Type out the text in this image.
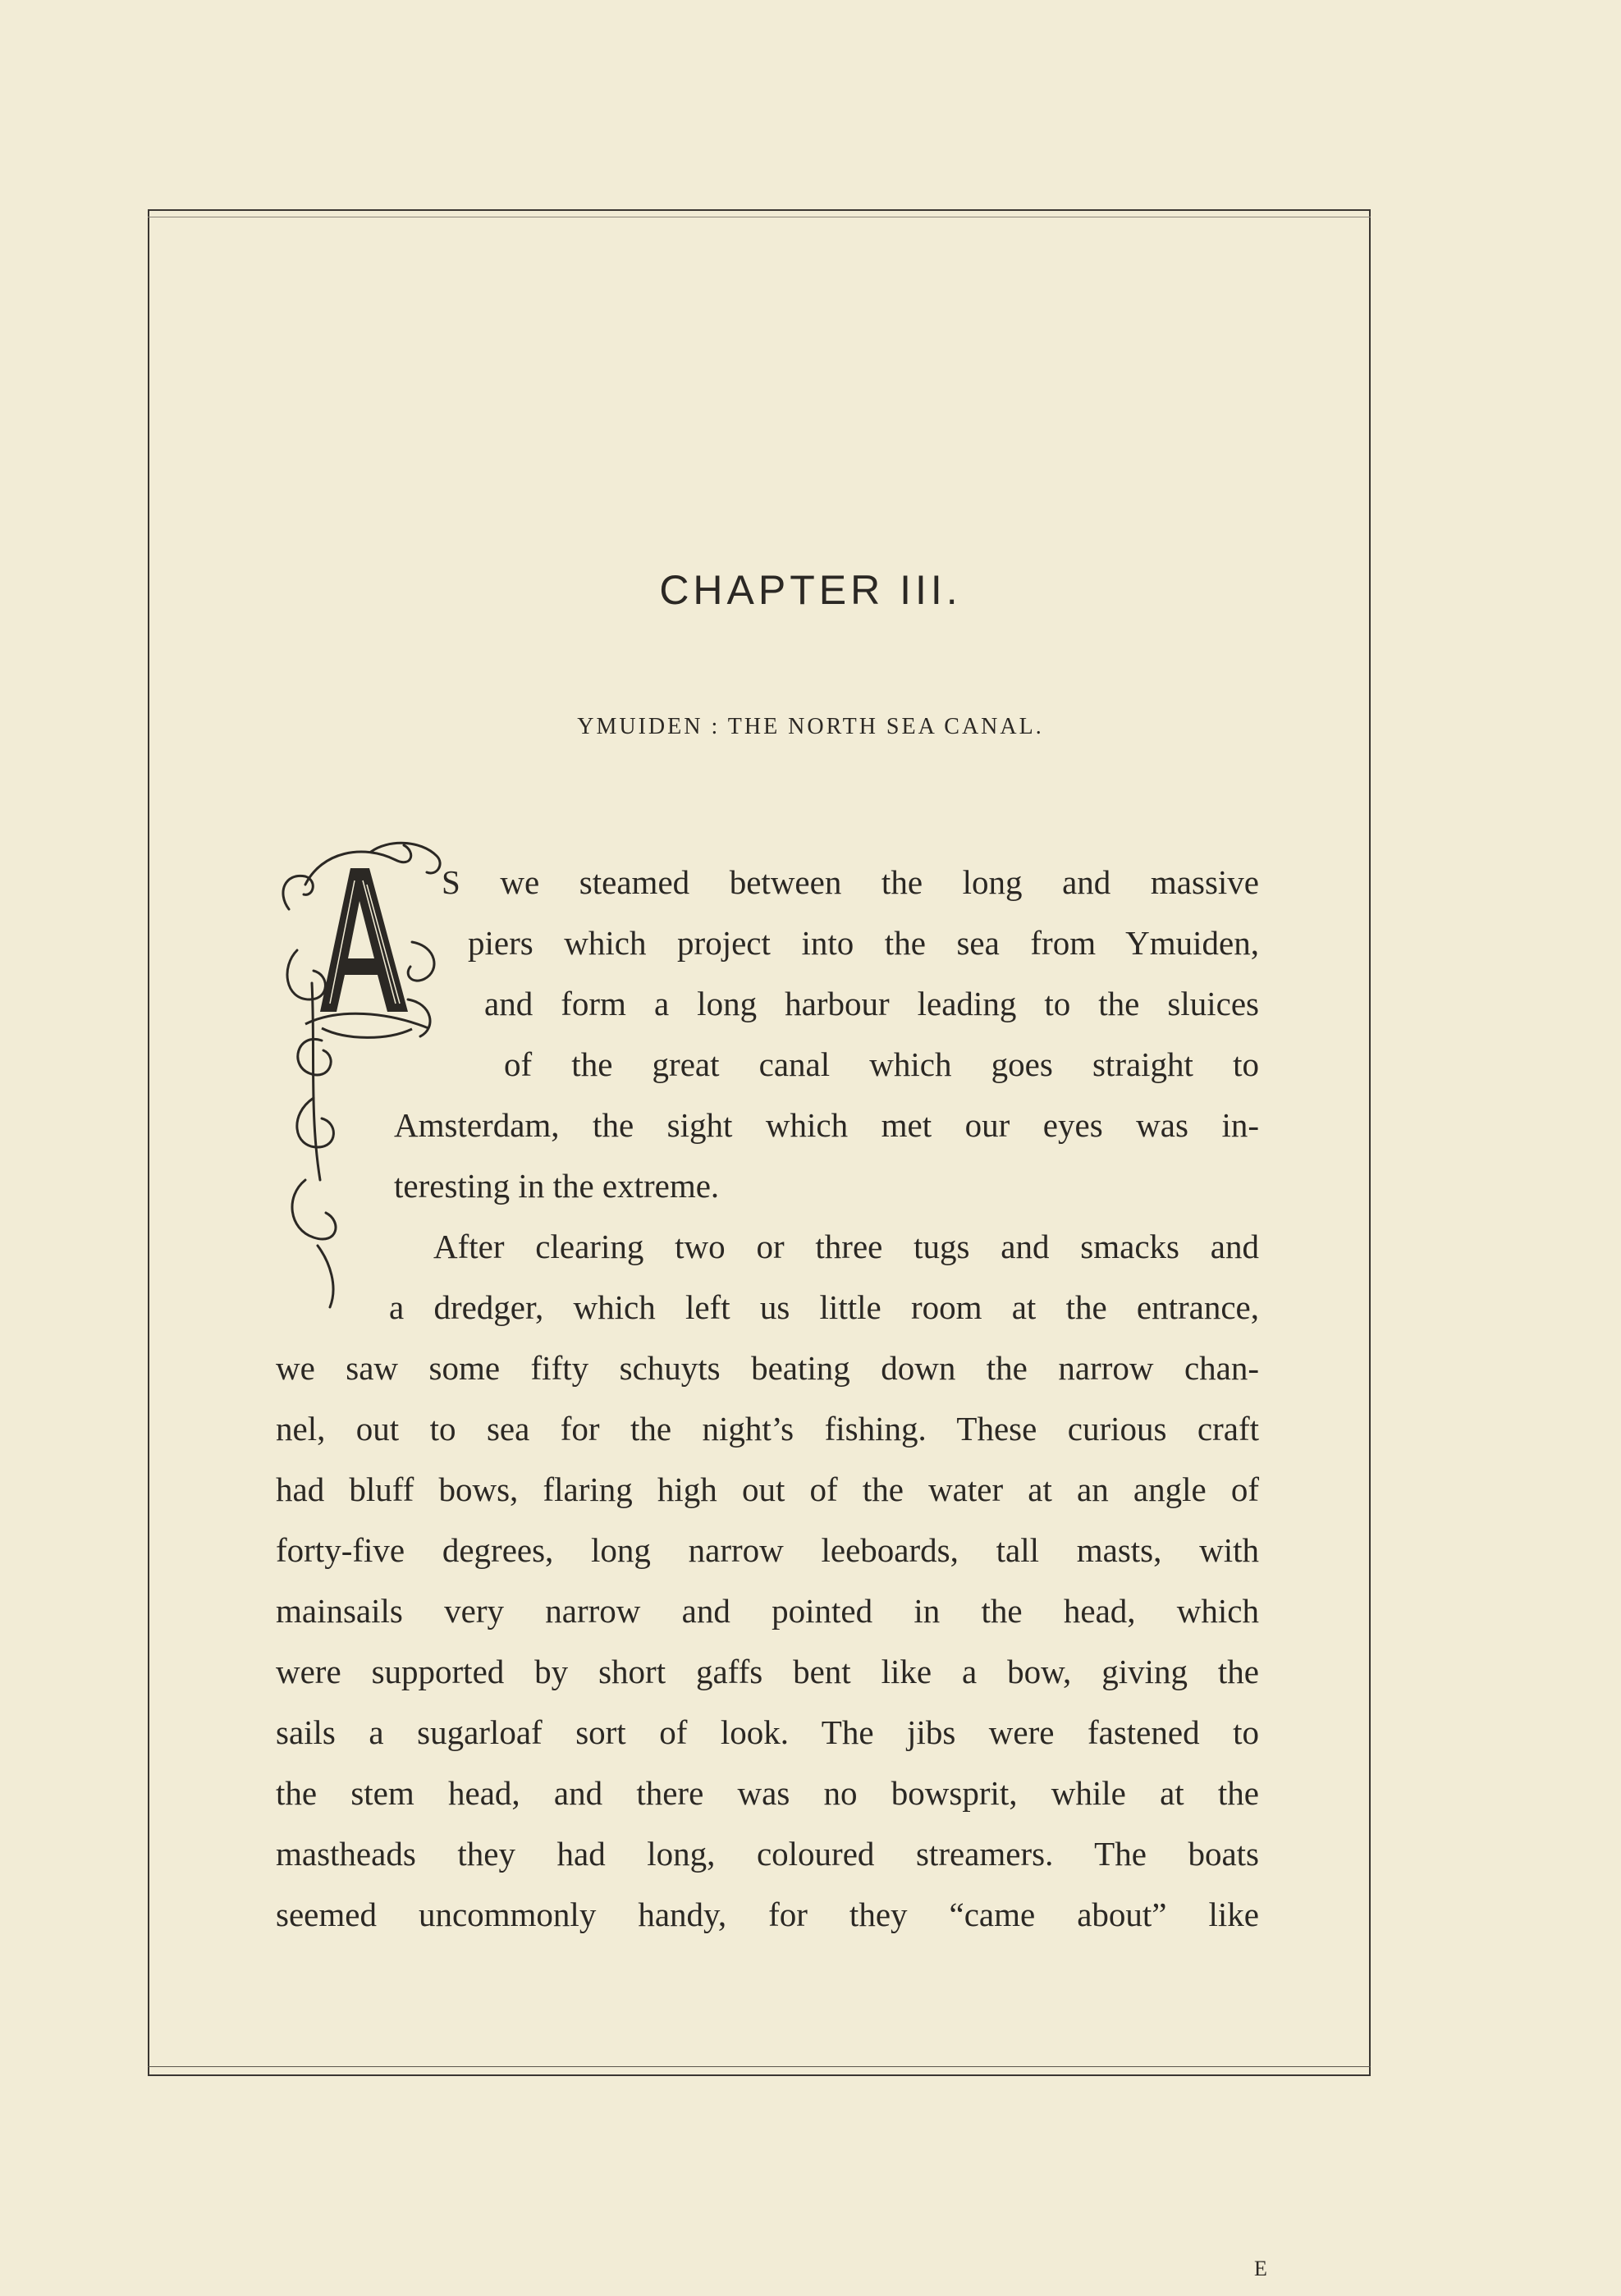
CHAPTER III.
YMUIDEN : THE NORTH SEA CANAL.
S we steamed between the long and massive
piers which project into the sea from Ymuiden,
and form a long harbour leading to the sluices
of the great canal which goes straight to
Amsterdam, the sight which met our eyes was in-
teresting in the extreme.
After clearing two or three tugs and smacks and
a dredger, which left us little room at the entrance,
we saw some fifty schuyts beating down the narrow chan-
nel, out to sea for the night’s fishing. These curious craft
had bluff bows, flaring high out of the water at an angle of
forty-five degrees, long narrow leeboards, tall masts, with
mainsails very narrow and pointed in the head, which
were supported by short gaffs bent like a bow, giving the
sails a sugarloaf sort of look. The jibs were fastened to
the stem head, and there was no bowsprit, while at the
mastheads they had long, coloured streamers. The boats
seemed uncommonly handy, for they “came about” like
E
